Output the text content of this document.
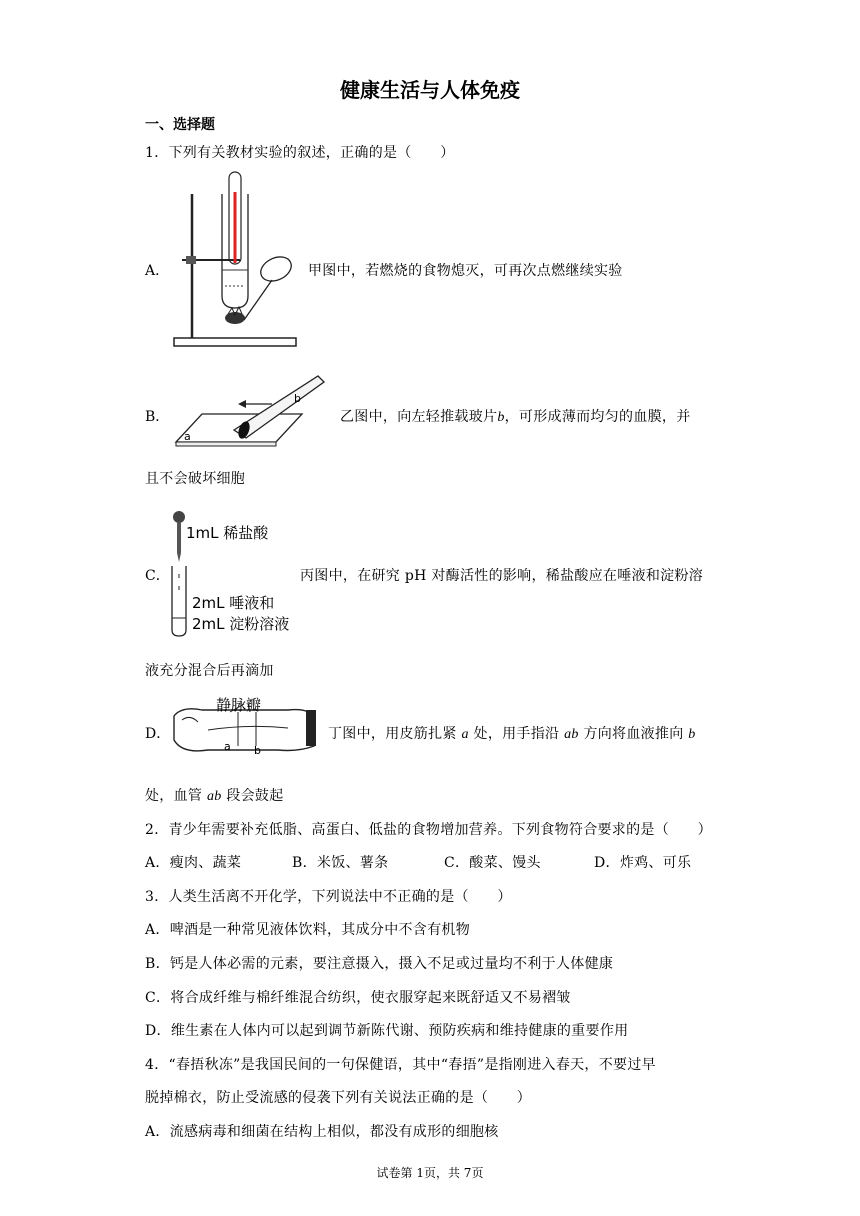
健康生活与人体免疫
一、选择题
1．下列有关教材实验的叙述，正确的是（　　）
A．	甲图中，若燃烧的食物熄灭，可再次点燃继续实验
a
b
B．	乙图中，向左轻推载玻片b，可形成薄而均匀的血膜，并
且不会破坏细胞
1mL 稀盐酸
2mL 唾液和
2mL 淀粉溶液
C．	丙图中，在研究 pH 对酶活性的影响，稀盐酸应在唾液和淀粉溶
液充分混合后再滴加
静脉瓣
a b
D．	丁图中，用皮筋扎紧 a 处，用手指沿 ab 方向将血液推向 b
处，血管 ab 段会鼓起
2．青少年需要补充低脂、高蛋白、低盐的食物增加营养。下列食物符合要求的是（　　）
A．瘦肉、蔬菜	B．米饭、薯条	C．酸菜、馒头	D．炸鸡、可乐
3．人类生活离不开化学，下列说法中不正确的是（　　）
A．啤酒是一种常见液体饮料，其成分中不含有机物
B．钙是人体必需的元素，要注意摄入，摄入不足或过量均不利于人体健康
C．将合成纤维与棉纤维混合纺织，使衣服穿起来既舒适又不易褶皱
D．维生素在人体内可以起到调节新陈代谢、预防疾病和维持健康的重要作用
4．“春捂秋冻”是我国民间的一句保健语，其中“春捂”是指刚进入春天，不要过早
脱掉棉衣，防止受流感的侵袭下列有关说法正确的是（　　）
A．流感病毒和细菌在结构上相似，都没有成形的细胞核
试卷第 1页，共 7页
